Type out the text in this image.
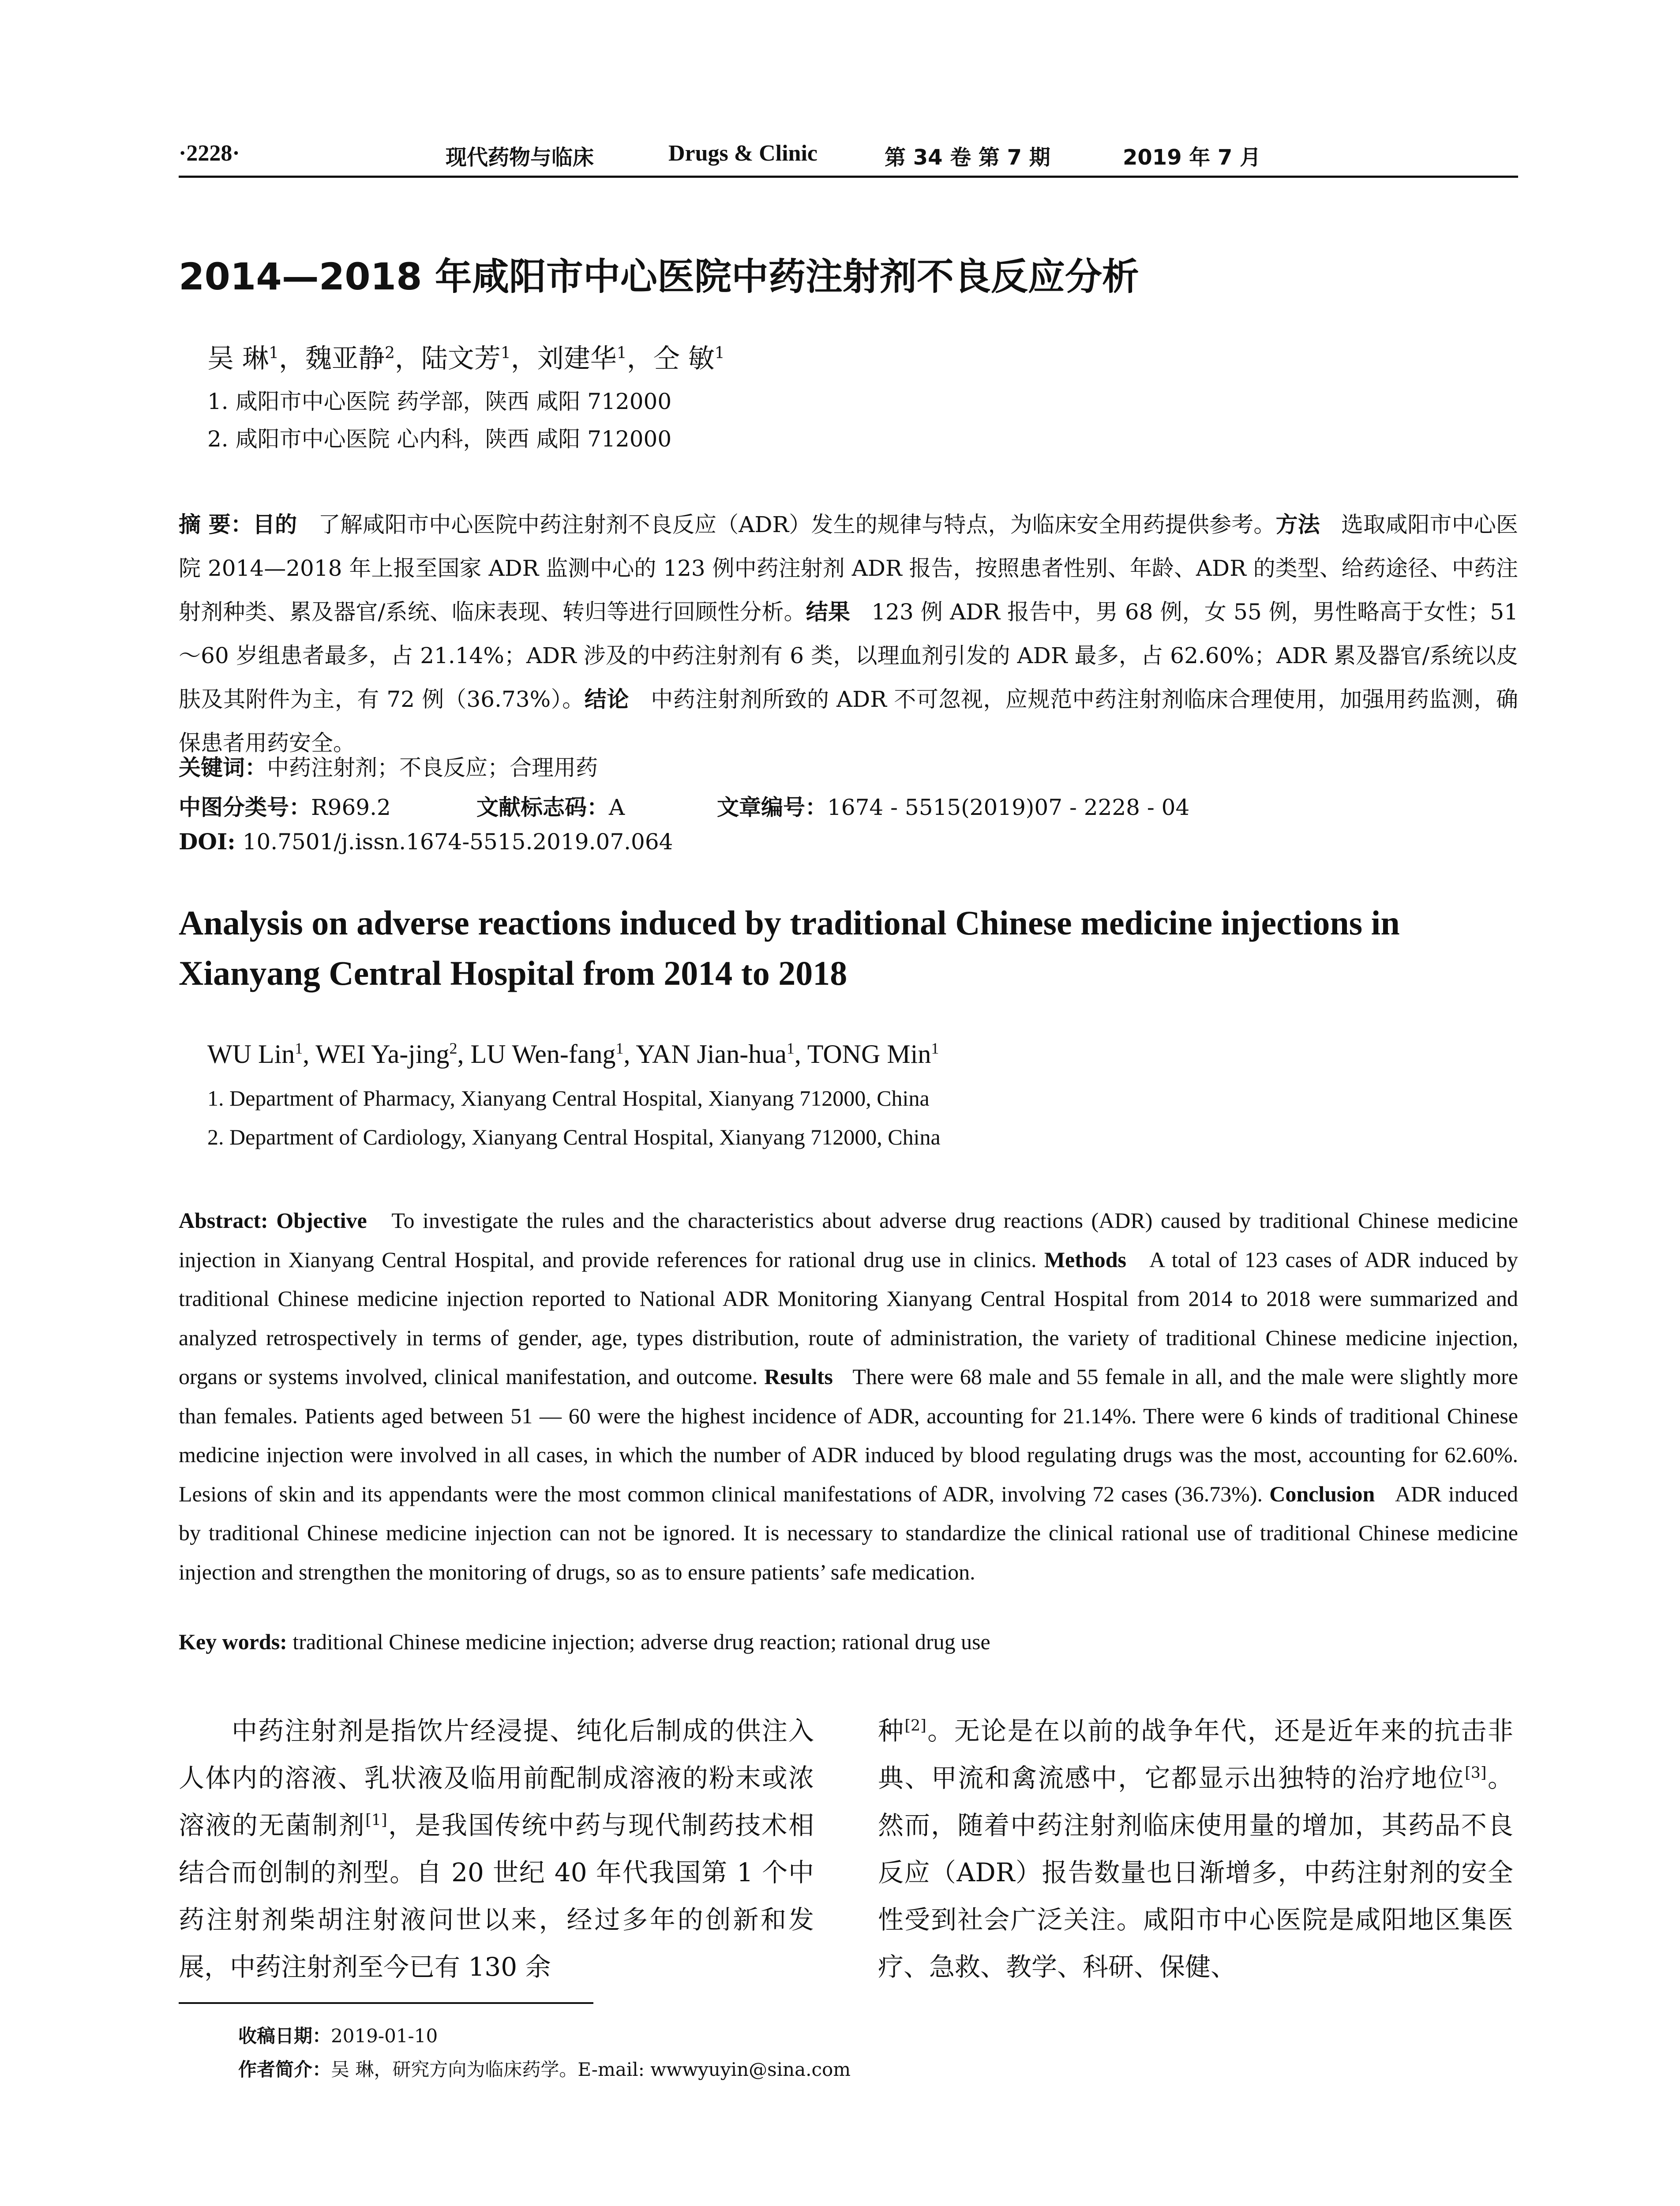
·2228·	现代药物与临床	Drugs & Clinic	第 34 卷 第 7 期	2019 年 7 月
2014—2018 年咸阳市中心医院中药注射剂不良反应分析
吴 琳$^1$，魏亚静$^2$，陆文芳$^1$，刘建华$^1$，仝 敏$^1$
1. 咸阳市中心医院 药学部，陕西 咸阳 712000
2. 咸阳市中心医院 心内科，陕西 咸阳 712000
摘 要：目的 了解咸阳市中心医院中药注射剂不良反应（ADR）发生的规律与特点，为临床安全用药提供参考。方法 选取咸阳市中心医院 2014—2018 年上报至国家 ADR 监测中心的 123 例中药注射剂 ADR 报告，按照患者性别、年龄、ADR 的类型、给药途径、中药注射剂种类、累及器官/系统、临床表现、转归等进行回顾性分析。结果 123 例 ADR 报告中，男 68 例，女 55 例，男性略高于女性；51～60 岁组患者最多，占 21.14%；ADR 涉及的中药注射剂有 6 类，以理血剂引发的 ADR 最多，占 62.60%；ADR 累及器官/系统以皮肤及其附件为主，有 72 例（36.73%）。结论 中药注射剂所致的 ADR 不可忽视，应规范中药注射剂临床合理使用，加强用药监测，确保患者用药安全。
关键词：中药注射剂；不良反应；合理用药
中图分类号：R969.2	文献标志码：A	文章编号：1674 - 5515(2019)07 - 2228 - 04
DOI: 10.7501/j.issn.1674-5515.2019.07.064
Analysis on adverse reactions induced by traditional Chinese medicine injections in Xianyang Central Hospital from 2014 to 2018
WU Lin$^1$, WEI Ya-jing$^2$, LU Wen-fang$^1$, YAN Jian-hua$^1$, TONG Min$^1$
1. Department of Pharmacy, Xianyang Central Hospital, Xianyang 712000, China
2. Department of Cardiology, Xianyang Central Hospital, Xianyang 712000, China
Abstract: Objective To investigate the rules and the characteristics about adverse drug reactions (ADR) caused by traditional Chinese medicine injection in Xianyang Central Hospital, and provide references for rational drug use in clinics. Methods A total of 123 cases of ADR induced by traditional Chinese medicine injection reported to National ADR Monitoring Xianyang Central Hospital from 2014 to 2018 were summarized and analyzed retrospectively in terms of gender, age, types distribution, route of administration, the variety of traditional Chinese medicine injection, organs or systems involved, clinical manifestation, and outcome. Results There were 68 male and 55 female in all, and the male were slightly more than females. Patients aged between 51 — 60 were the highest incidence of ADR, accounting for 21.14%. There were 6 kinds of traditional Chinese medicine injection were involved in all cases, in which the number of ADR induced by blood regulating drugs was the most, accounting for 62.60%. Lesions of skin and its appendants were the most common clinical manifestations of ADR, involving 72 cases (36.73%). Conclusion ADR induced by traditional Chinese medicine injection can not be ignored. It is necessary to standardize the clinical rational use of traditional Chinese medicine injection and strengthen the monitoring of drugs, so as to ensure patients’ safe medication.
Key words: traditional Chinese medicine injection; adverse drug reaction; rational drug use
中药注射剂是指饮片经浸提、纯化后制成的供注入人体内的溶液、乳状液及临用前配制成溶液的粉末或浓溶液的无菌制剂[1]，是我国传统中药与现代制药技术相结合而创制的剂型。自 20 世纪 40 年代我国第 1 个中药注射剂柴胡注射液问世以来，经过多年的创新和发展，中药注射剂至今已有 130 余
种[2]。无论是在以前的战争年代，还是近年来的抗击非典、甲流和禽流感中，它都显示出独特的治疗地位[3]。然而，随着中药注射剂临床使用量的增加，其药品不良反应（ADR）报告数量也日渐增多，中药注射剂的安全性受到社会广泛关注。咸阳市中心医院是咸阳地区集医疗、急救、教学、科研、保健、
收稿日期：2019-01-10
作者简介：吴 琳，研究方向为临床药学。E-mail: wwwyuyin@sina.com
